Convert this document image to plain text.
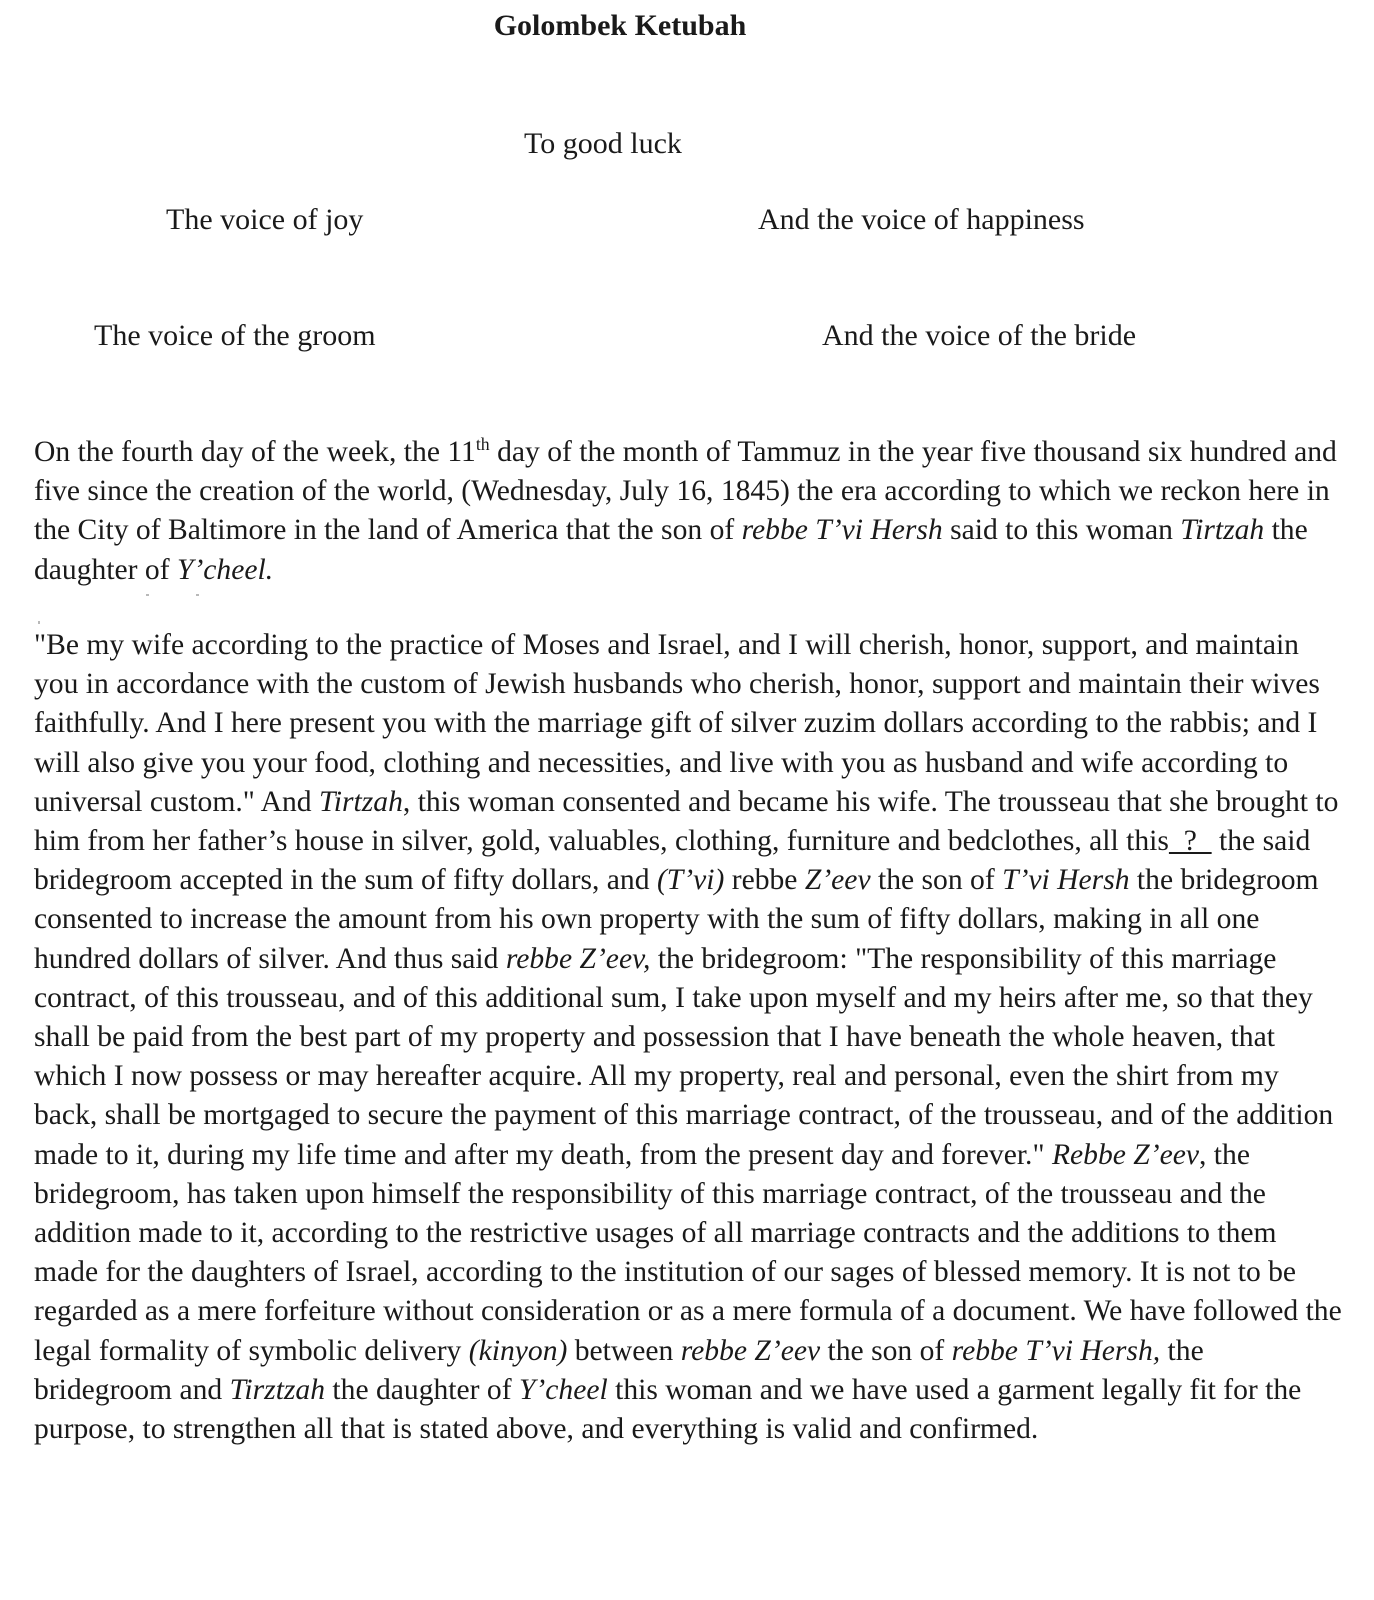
Golombek Ketubah
To good luck
The voice of joy	And the voice of happiness
The voice of the groom	And the voice of the bride
On the fourth day of the week, the 11th day of the month of Tammuz in the year five thousand six hundred and five since the creation of the world, (Wednesday, July 16, 1845) the era according to which we reckon here in the City of Baltimore in the land of America that the son of rebbe T’vi Hersh said to this woman Tirtzah the daughter of Y’cheel.
"Be my wife according to the practice of Moses and Israel, and I will cherish, honor, support, and maintain you in accordance with the custom of Jewish husbands who cherish, honor, support and maintain their wives faithfully. And I here present you with the marriage gift of silver zuzim dollars according to the rabbis; and I will also give you your food, clothing and necessities, and live with you as husband and wife according to universal custom." And Tirtzah, this woman consented and became his wife. The trousseau that she brought to him from her father’s house in silver, gold, valuables, clothing, furniture and bedclothes, all this ?  the said bridegroom accepted in the sum of fifty dollars, and (T’vi) rebbe Z’eev the son of T’vi Hersh the bridegroom consented to increase the amount from his own property with the sum of fifty dollars, making in all one hundred dollars of silver. And thus said rebbe Z’eev, the bridegroom: "The responsibility of this marriage contract, of this trousseau, and of this additional sum, I take upon myself and my heirs after me, so that they shall be paid from the best part of my property and possession that I have beneath the whole heaven, that which I now possess or may hereafter acquire. All my property, real and personal, even the shirt from my back, shall be mortgaged to secure the payment of this marriage contract, of the trousseau, and of the addition made to it, during my life time and after my death, from the present day and forever." Rebbe Z’eev, the bridegroom, has taken upon himself the responsibility of this marriage contract, of the trousseau and the addition made to it, according to the restrictive usages of all marriage contracts and the additions to them made for the daughters of Israel, according to the institution of our sages of blessed memory. It is not to be regarded as a mere forfeiture without consideration or as a mere formula of a document. We have followed the legal formality of symbolic delivery (kinyon) between rebbe Z’eev the son of rebbe T’vi Hersh, the bridegroom and Tirztzah the daughter of Y’cheel this woman and we have used a garment legally fit for the purpose, to strengthen all that is stated above, and everything is valid and confirmed.
